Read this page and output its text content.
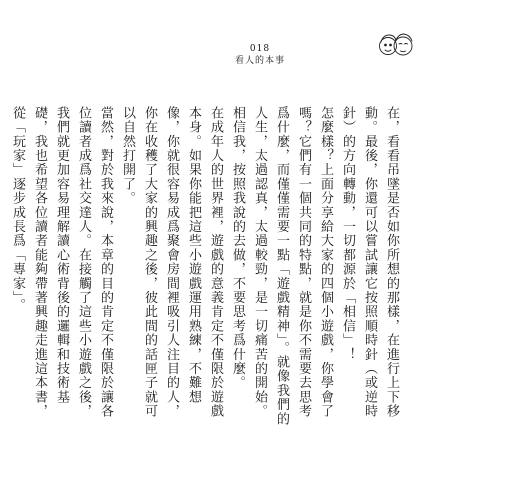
018
看人的本事

在，看看吊墜是否如你所想的那樣，在進行上下移動。最後，你還可以嘗試讓它按照順時針（或逆時針）的方向轉動，一切都源於「相信」！

怎麼樣？上面分享給大家的四個小遊戲，你學會了嗎？它們有一個共同的特點，就是你不需要去思考爲什麼，而僅僅需要一點「遊戲精神」。就像我們的人生，太過認真，太過較勁，是一切痛苦的開始。相信我，按照我說的去做，不要思考爲什麼。

在成年人的世界裡，遊戲的意義肯定不僅限於遊戲本身。如果你能把這些小遊戲運用熟練，不難想像，你就很容易成爲聚會房間裡吸引人注目的人，你在收穫了大家的興趣之後，彼此間的話匣子就可以自然打開了。

當然，對於我來說，本章的目的肯定不僅限於讓各位讀者成爲社交達人。在接觸了這些小遊戲之後，我們就更加容易理解讀心術背後的邏輯和技術基礎，我也希望各位讀者能夠帶著興趣走進這本書，從「玩家」逐步成長爲「專家」。
